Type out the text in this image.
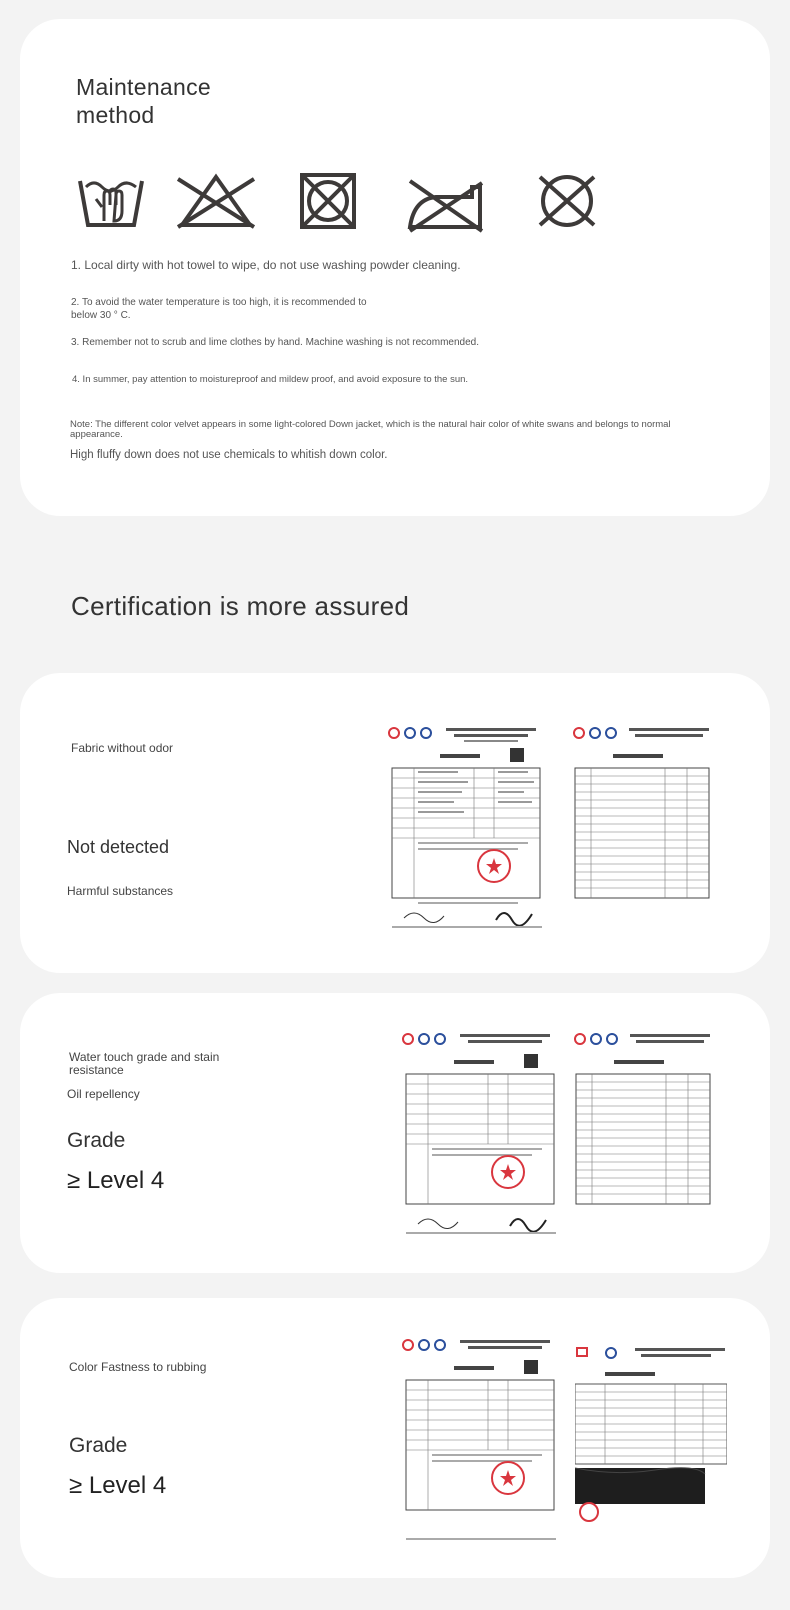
Maintenance
method
1. Local dirty with hot towel to wipe, do not use washing powder cleaning.
2. To avoid the water temperature is too high, it is recommended to
below 30 ° C.
3. Remember not to scrub and lime clothes by hand. Machine washing is not recommended.
4. In summer, pay attention to moistureproof and mildew proof, and avoid exposure to the sun.
Note: The different color velvet appears in some light-colored Down jacket, which is the natural hair color of white swans and belongs to normal
appearance.
High fluffy down does not use chemicals to whitish down color.
Certification is more assured
Fabric without odor
Not detected
Harmful substances
Water touch grade and stain
resistance
Oil repellency
Grade
≥ Level 4
Color Fastness to rubbing
Grade
≥ Level 4
